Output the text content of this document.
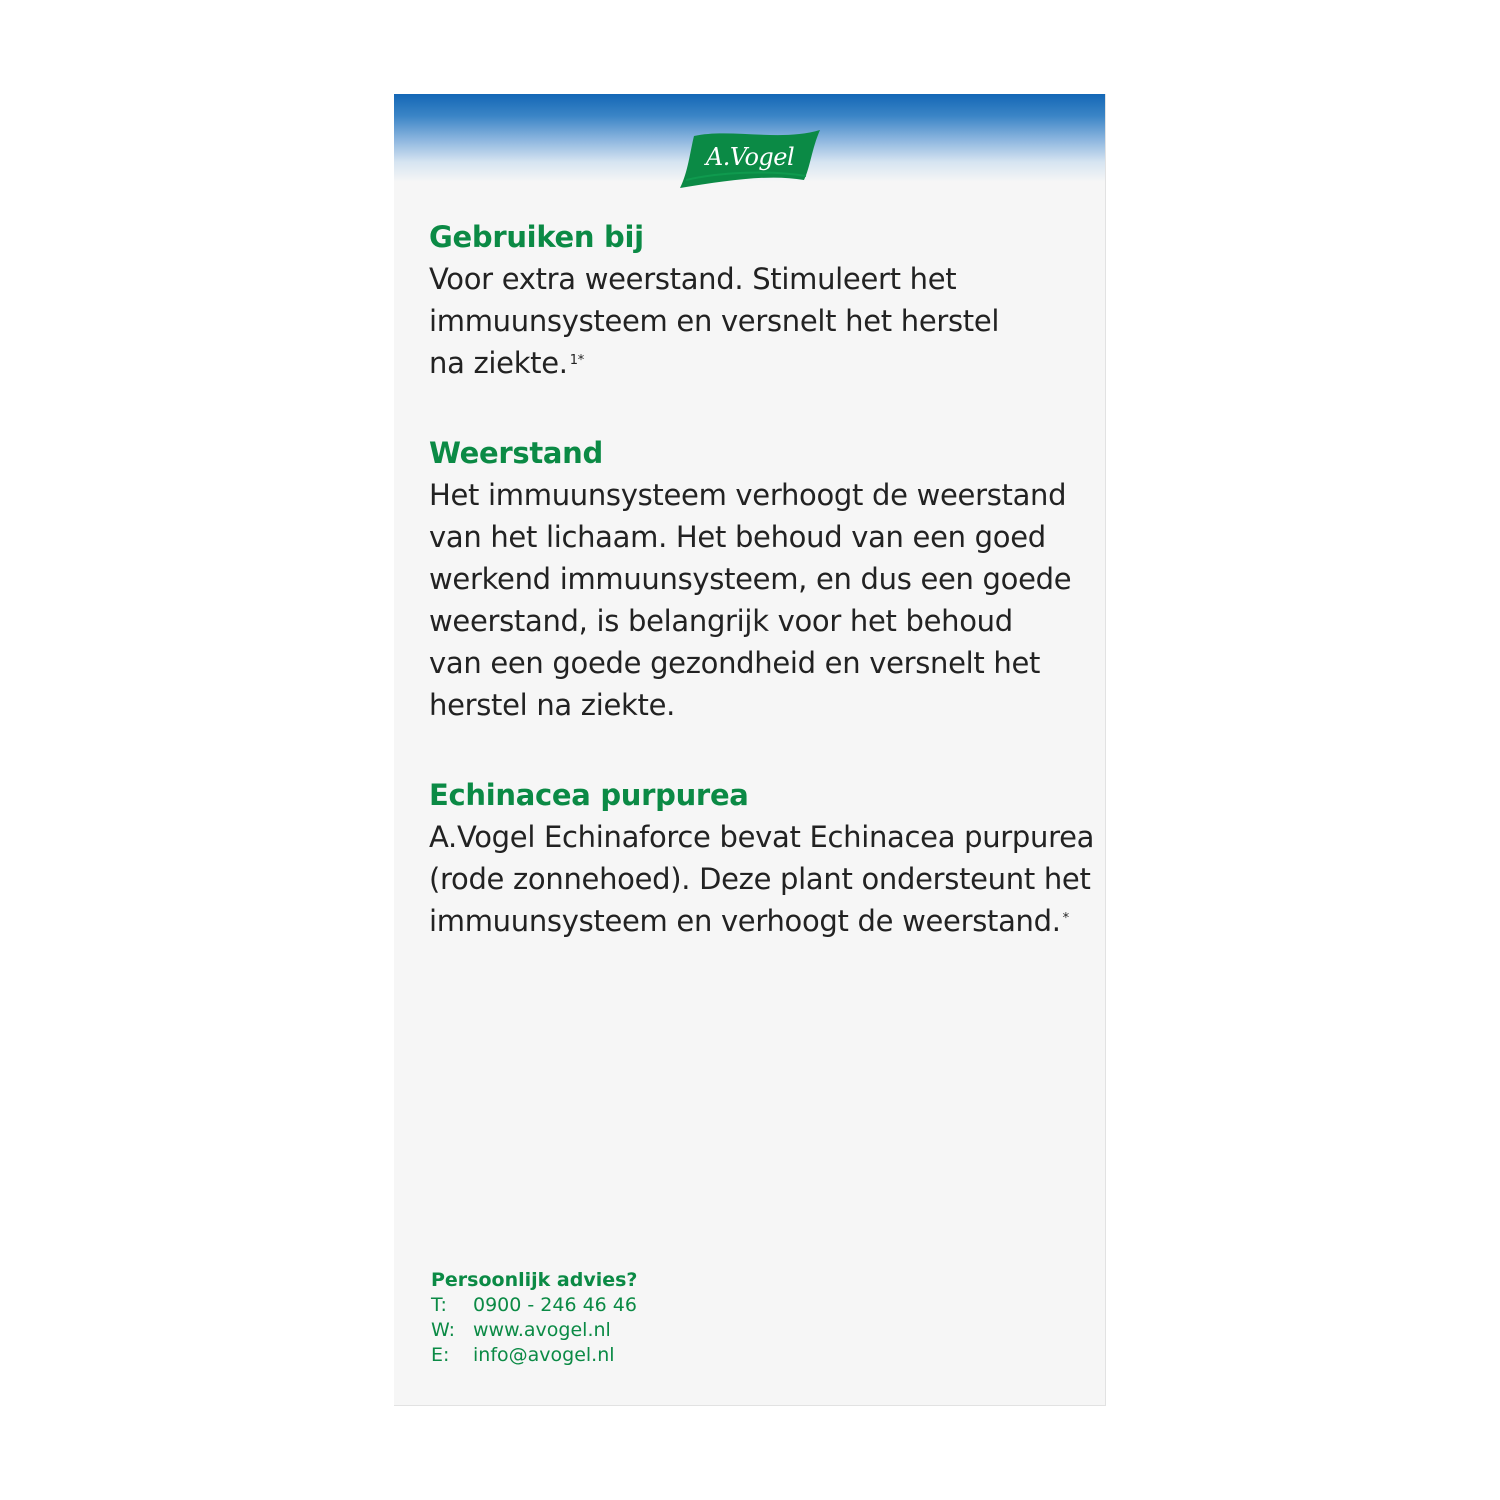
A.Vogel
Gebruiken bij

Voor extra weerstand. Stimuleert het
immuunsysteem en versnelt het herstel
na ziekte. $^{1*}$

Weerstand

Het immuunsysteem verhoogt de weerstand
van het lichaam. Het behoud van een goed
werkend immuunsysteem, en dus een goede
weerstand, is belangrijk voor het behoud
van een goede gezondheid en versnelt het
herstel na ziekte.

Echinacea purpurea

A.Vogel Echinaforce bevat Echinacea purpurea
(rode zonnehoed). Deze plant ondersteunt het
immuunsysteem en verhoogt de weerstand. *

Persoonlijk advies?
T:	0900 - 246 46 46
W: www.avogel.nl
E:	info@avogel.nl
